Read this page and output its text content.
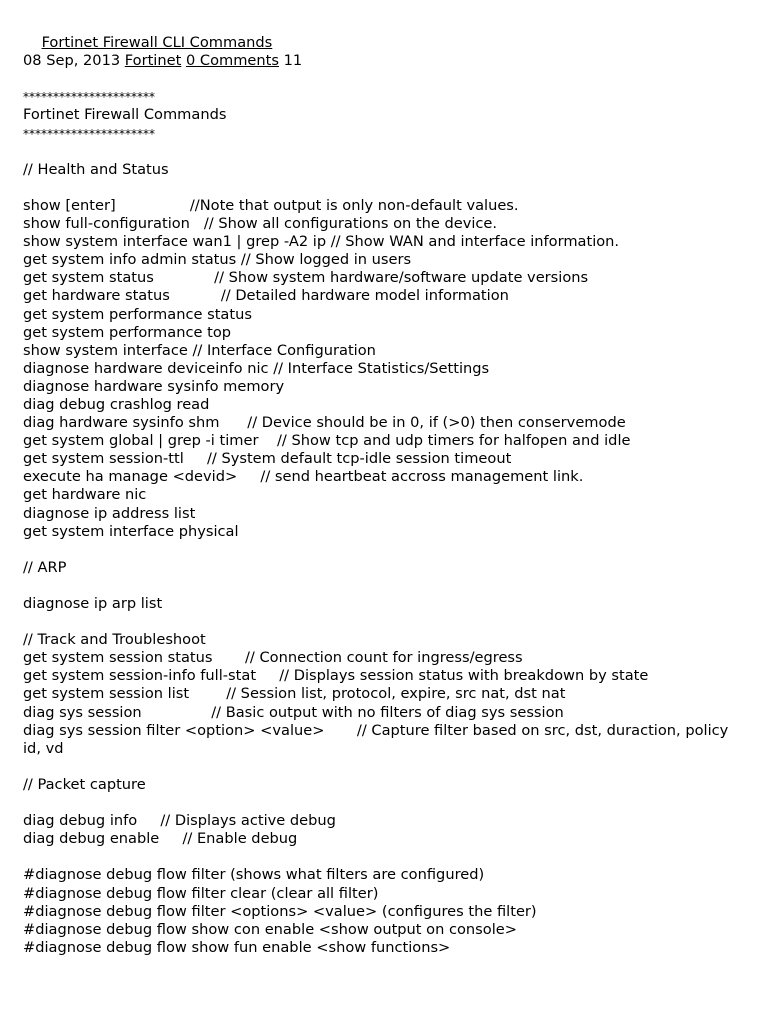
Fortinet Firewall CLI Commands

08 Sep, 2013 Fortinet 0 Comments 11
**********************
Fortinet Firewall Commands
**********************
// Health and Status
show [enter]                //Note that output is only non-default values.
show full-configuration   // Show all configurations on the device.
show system interface wan1 | grep -A2 ip // Show WAN and interface information.
get system info admin status // Show logged in users
get system status             // Show system hardware/software update versions
get hardware status           // Detailed hardware model information
get system performance status
get system performance top
show system interface // Interface Configuration
diagnose hardware deviceinfo nic // Interface Statistics/Settings
diagnose hardware sysinfo memory
diag debug crashlog read
diag hardware sysinfo shm      // Device should be in 0, if (>0) then conservemode
get system global | grep -i timer    // Show tcp and udp timers for halfopen and idle
get system session-ttl     // System default tcp-idle session timeout
execute ha manage <devid>     // send heartbeat accross management link.
get hardware nic
diagnose ip address list
get system interface physical
// ARP
diagnose ip arp list
// Track and Troubleshoot
get system session status       // Connection count for ingress/egress
get system session-info full-stat     // Displays session status with breakdown by state
get system session list        // Session list, protocol, expire, src nat, dst nat
diag sys session               // Basic output with no filters of diag sys session
diag sys session filter <option> <value>       // Capture filter based on src, dst, duraction, policy id, vd
// Packet capture
diag debug info     // Displays active debug
diag debug enable     // Enable debug
#diagnose debug flow filter (shows what filters are configured)
#diagnose debug flow filter clear (clear all filter)
#diagnose debug flow filter <options> <value> (configures the filter)
#diagnose debug flow show con enable <show output on console>
#diagnose debug flow show fun enable <show functions>
